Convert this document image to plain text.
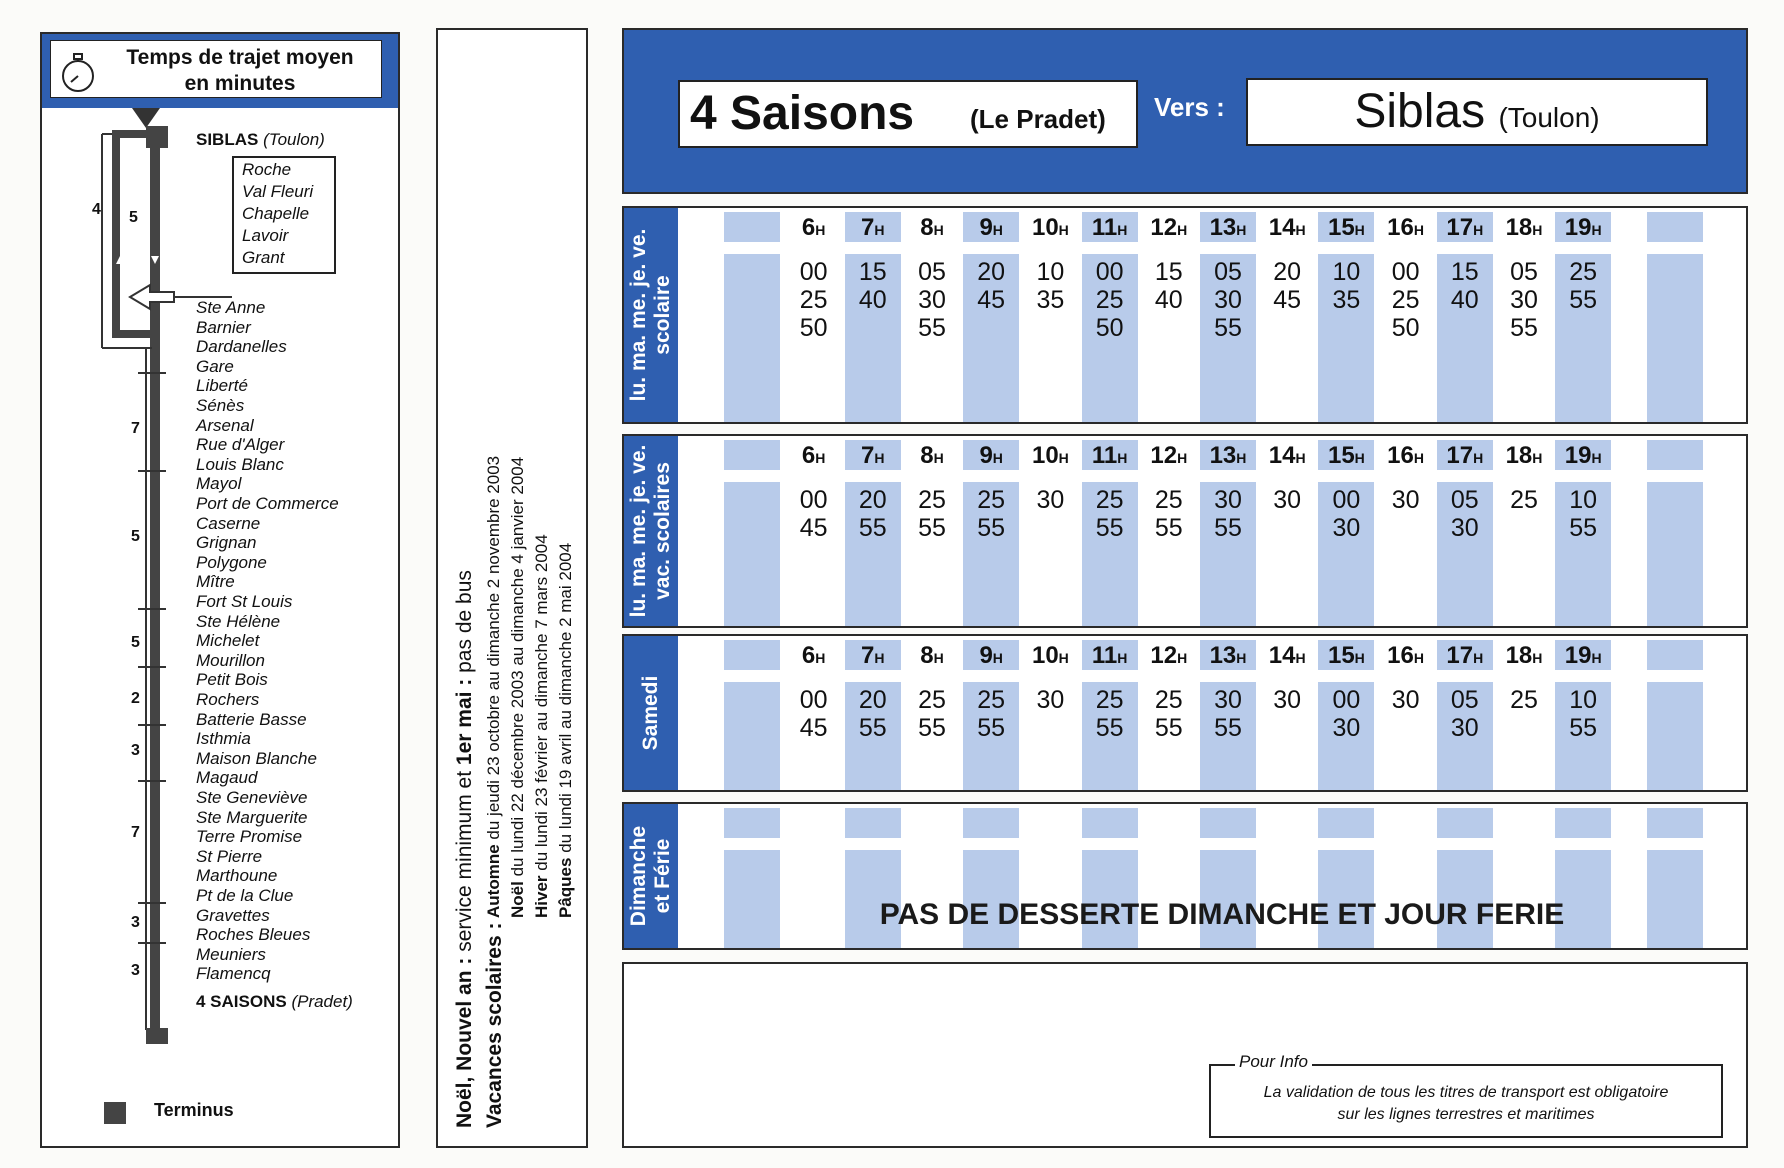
Temps de trajet moyen
en minutes
SIBLAS (Toulon)
Roche
Val Fleuri
Chapelle
Lavoir
Grant
4 5
7
5
5
2
3
7
3
3
Ste Anne
Barnier
Dardanelles
Gare
Liberté
Sénès
Arsenal
Rue d'Alger
Louis Blanc
Mayol
Port de Commerce
Caserne
Grignan
Polygone
Mître
Fort St Louis
Ste Hélène
Michelet
Mourillon
Petit Bois
Rochers
Batterie Basse
Isthmia
Maison Blanche
Magaud
Ste Geneviève
Ste Marguerite
Terre Promise
St Pierre
Marthoune
Pt de la Clue
Gravettes
Roches Bleues
Meuniers
Flamencq
4 SAISONS (Pradet)
Terminus	Noël, Nouvel an : service minimum et 1er mai : pas de bus
Vacances scolaires :
Automne du jeudi 23 octobre au dimanche 2 novembre 2003
Noël du lundi 22 décembre 2003 au dimanche 4 janvier 2004
Hiver du lundi 23 février au dimanche 7 mars 2004
Pâques du lundi 19 avril au dimanche 2 mai 2004
4 Saisons (Le Pradet) Vers :	Siblas (Toulon)
lu. ma. me. je. ve. scolaire
6H
00
25
50
7H
15
40
8H
05
30
55
9H
20
45
10H
10
35
11H
00
25
50
12H
15
40
13H
05
30
55
14H
20
45
15H
10
35
16H
00
25
50
17H
15
40
18H
05
30
55
19H
25
55
lu. ma. me. je. ve. vac. scolaires
6H
00
45
7H
20
55
8H
25
55
9H
25
55
10H
30
11H
25
55
12H
25
55
13H
30
55
14H
30
15H
00
30
16H
30
17H
05
30
18H
25
19H
10
55
Samedi
6H
00
45
7H
20
55
8H
25
55
9H
25
55
10H
30
11H
25
55
12H
25
55
13H
30
55
14H
30
15H
00
30
16H
30
17H
05
30
18H
25
19H
10
55
Dimanche et Férie
PAS DE DESSERTE DIMANCHE ET JOUR FERIE
Pour Info
La validation de tous les titres de transport est obligatoire
sur les lignes terrestres et maritimes
